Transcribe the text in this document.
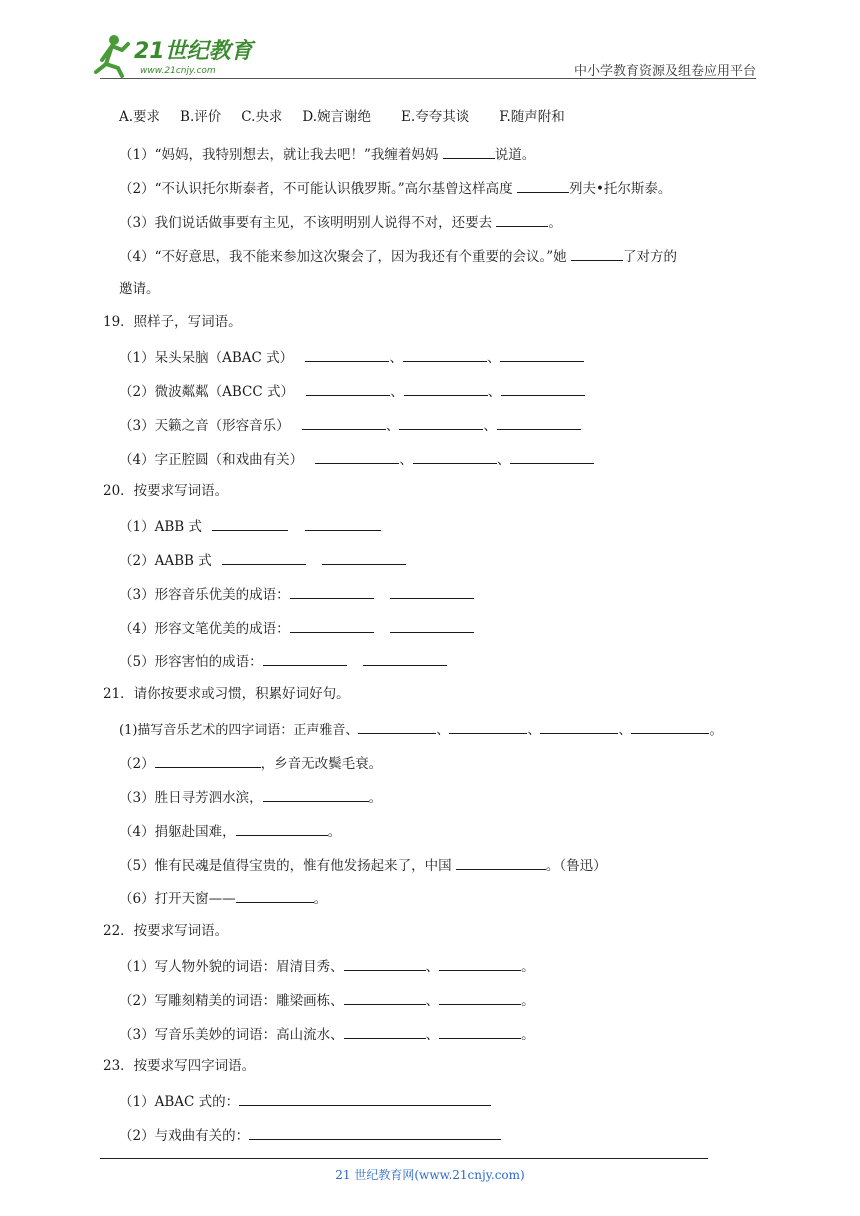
21世纪教育
www.21cnjy.com	中小学教育资源及组卷应用平台
A.要求 B.评价 C.央求 D.婉言谢绝 E.夸夸其谈 F.随声附和
（1）“妈妈，我特别想去，就让我去吧！”我缠着妈妈	说道。
（2）“不认识托尔斯泰者，不可能认识俄罗斯。”高尔基曾这样高度	列夫•托尔斯泰。
（3）我们说话做事要有主见，不该明明别人说得不对，还要去	。
（4）“不好意思，我不能来参加这次聚会了，因为我还有个重要的会议。”她	了对方的
邀请。
19．照样子，写词语。
（1）呆头呆脑（ABAC 式）	、	、
（2）微波粼粼（ABCC 式）	、	、
（3）天籁之音（形容音乐）	、	、
（4）字正腔圆（和戏曲有关）	、	、
20．按要求写词语。
（1）ABB 式
（2）AABB 式
（3）形容音乐优美的成语：
（4）形容文笔优美的成语：
（5）形容害怕的成语：
21．请你按要求或习惯，积累好词好句。
(1)描写音乐艺术的四字词语：正声雅音、	、	、	、	。
（2）	，乡音无改鬓毛衰。
（3）胜日寻芳泗水滨，	。
（4）捐躯赴国难，	。
（5）惟有民魂是值得宝贵的，惟有他发扬起来了，中国	。（鲁迅）
（6）打开天窗——	。
22．按要求写词语。
（1）写人物外貌的词语：眉清目秀、	、	。
（2）写雕刻精美的词语：雕梁画栋、	、	。
（3）写音乐美妙的词语：高山流水、	、	。
23．按要求写四字词语。
（1）ABAC 式的：
（2）与戏曲有关的：
21 世纪教育网(www.21cnjy.com)
